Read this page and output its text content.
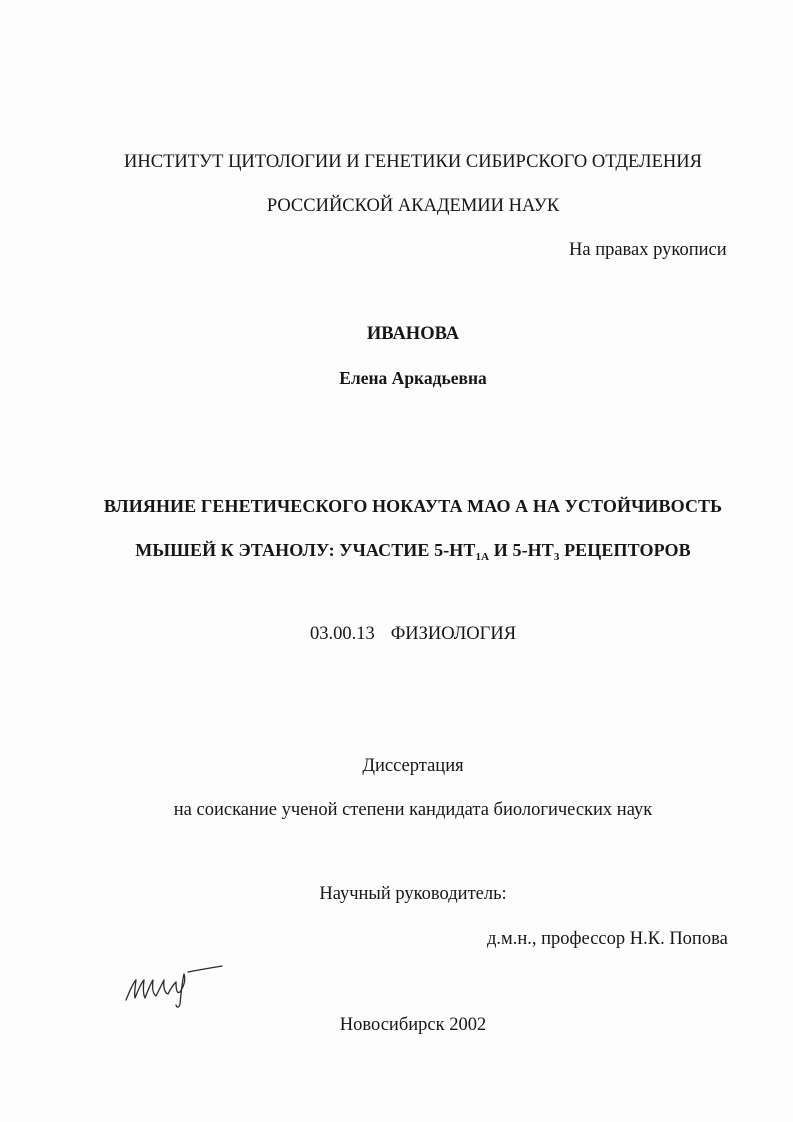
ИНСТИТУТ ЦИТОЛОГИИ И ГЕНЕТИКИ СИБИРСКОГО ОТДЕЛЕНИЯ
РОССИЙСКОЙ АКАДЕМИИ НАУК
На правах рукописи
ИВАНОВА
Елена Аркадьевна
ВЛИЯНИЕ ГЕНЕТИЧЕСКОГО НОКАУТА МАО А НА УСТОЙЧИВОСТЬ
МЫШЕЙ К ЭТАНОЛУ: УЧАСТИЕ $5-НТ_{1А}$ И $5-НТ_3$ РЕЦЕПТОРОВ
03.00.13 ФИЗИОЛОГИЯ
Диссертация
на соискание ученой степени кандидата биологических наук
Научный руководитель:
д.м.н., профессор Н.К. Попова
Новосибирск 2002
